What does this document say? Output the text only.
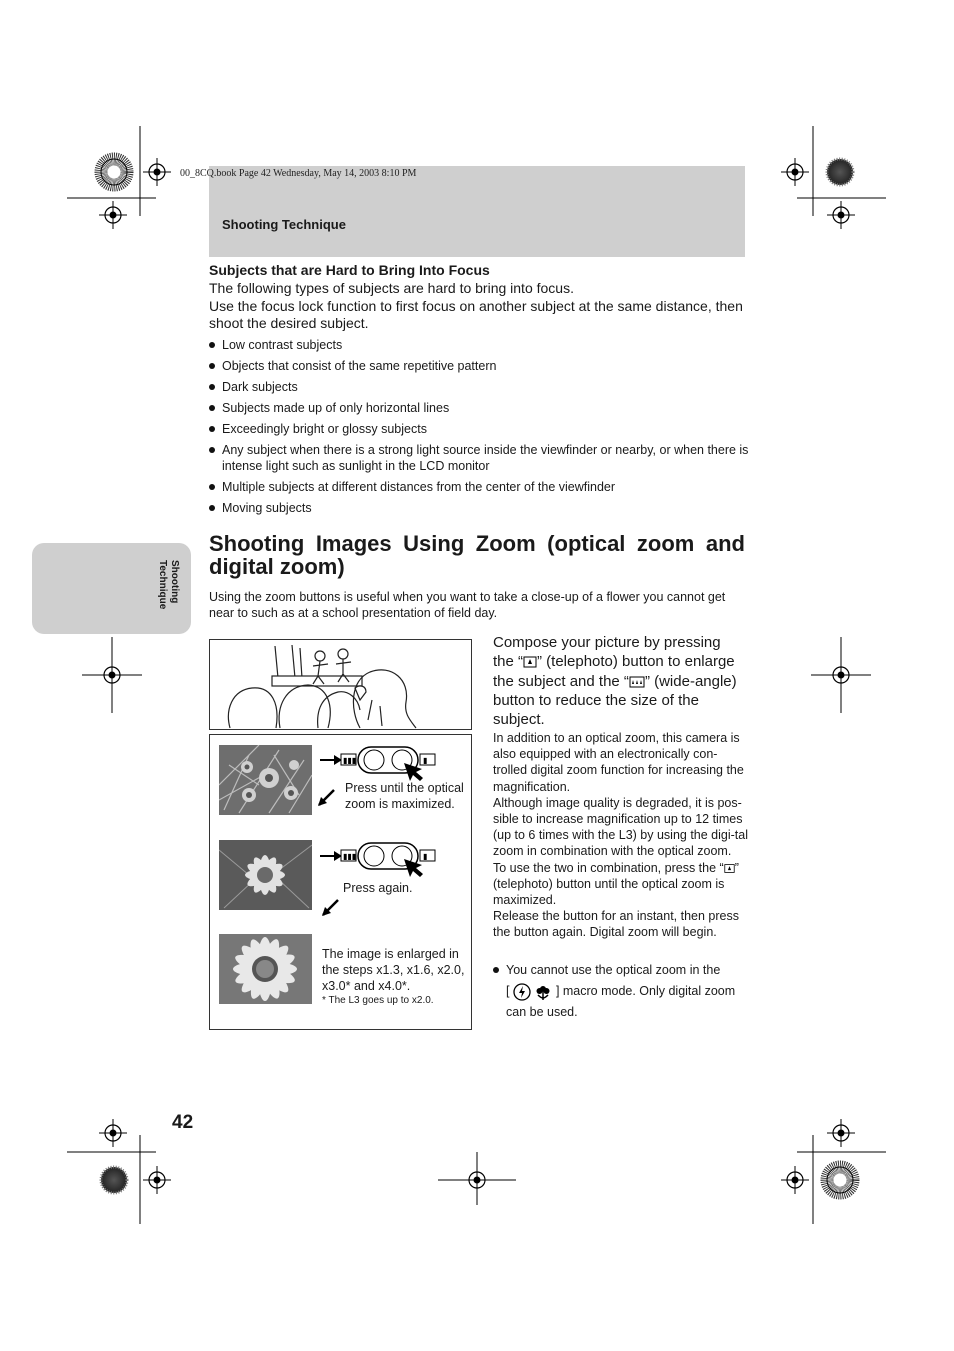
00_8CQ.book Page 42 Wednesday, May 14, 2003 8:10 PM
Shooting Technique
Shooting Technique
Subjects that are Hard to Bring Into Focus
The following types of subjects are hard to bring into focus.
Use the focus lock function to first focus on another subject at the same distance, then shoot the desired subject.
Low contrast subjects
Objects that consist of the same repetitive pattern
Dark subjects
Subjects made up of only horizontal lines
Exceedingly bright or glossy subjects
Any subject when there is a strong light source inside the viewfinder or nearby, or when there is intense light such as sunlight in the LCD monitor
Multiple subjects at different distances from the center of the viewfinder
Moving subjects
Shooting Images Using Zoom (optical zoom and digital zoom)
Using the zoom buttons is useful when you want to take a close-up of a flower you cannot get near to such as at a school presentation of field day.
▮▮▮	▮
Press until the optical zoom is maximized.
▮▮▮	▮
Press again.
The image is enlarged in the steps x1.3, x1.6, x2.0, x3.0* and x4.0*.
* The L3 goes up to x2.0.
Compose your picture by pressing the “ ” (telephoto) button to enlarge the subject and the “ ” (wide-angle) button to reduce the size of the subject.

In addition to an optical zoom, this camera is also equipped with an electronically con-trolled digital zoom function for increasing the magnification.

Although image quality is degraded, it is pos-sible to increase magnification up to 12 times (up to 6 times with the L3) by using the digi-tal zoom in combination with the optical zoom.

To use the two in combination, press the “ ” (telephoto) button until the optical zoom is maximized.

Release the button for an instant, then press the button again. Digital zoom will begin.

You cannot use the optical zoom in the
[	] macro mode. Only digital zoom can be used.
42
